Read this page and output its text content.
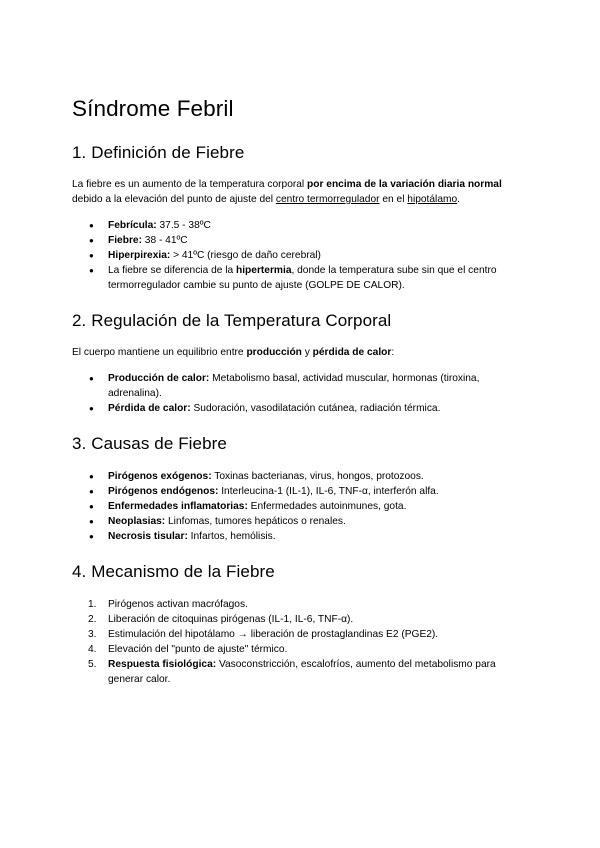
Síndrome Febril
1. Definición de Fiebre

La fiebre es un aumento de la temperatura corporal por encima de la variación diaria normal debido a la elevación del punto de ajuste del centro termorregulador en el hipotálamo.

●	Febrícula: 37.5 - 38ºC
●	Fiebre: 38 - 41ºC
●	Hiperpirexia: > 41ºC (riesgo de daño cerebral)
●	La fiebre se diferencia de la hipertermia, donde la temperatura sube sin que el centro termorregulador cambie su punto de ajuste (GOLPE DE CALOR).
2. Regulación de la Temperatura Corporal

El cuerpo mantiene un equilibrio entre producción y pérdida de calor:

●	Producción de calor: Metabolismo basal, actividad muscular, hormonas (tiroxina, adrenalina).
●	Pérdida de calor: Sudoración, vasodilatación cutánea, radiación térmica.
3. Causas de Fiebre
●	Pirógenos exógenos: Toxinas bacterianas, virus, hongos, protozoos.
●	Pirógenos endógenos: Interleucina-1 (IL-1), IL-6, TNF-α, interferón alfa.
●	Enfermedades inflamatorias: Enfermedades autoinmunes, gota.
●	Neoplasias: Linfomas, tumores hepáticos o renales.
●	Necrosis tisular: Infartos, hemólisis.
4. Mecanismo de la Fiebre
1.	Pirógenos activan macrófagos.
2.	Liberación de citoquinas pirógenas (IL-1, IL-6, TNF-α).
3.	Estimulación del hipotálamo → liberación de prostaglandinas E2 (PGE2).
4.	Elevación del "punto de ajuste" térmico.
5.	Respuesta fisiológica: Vasoconstricción, escalofríos, aumento del metabolismo para generar calor.
